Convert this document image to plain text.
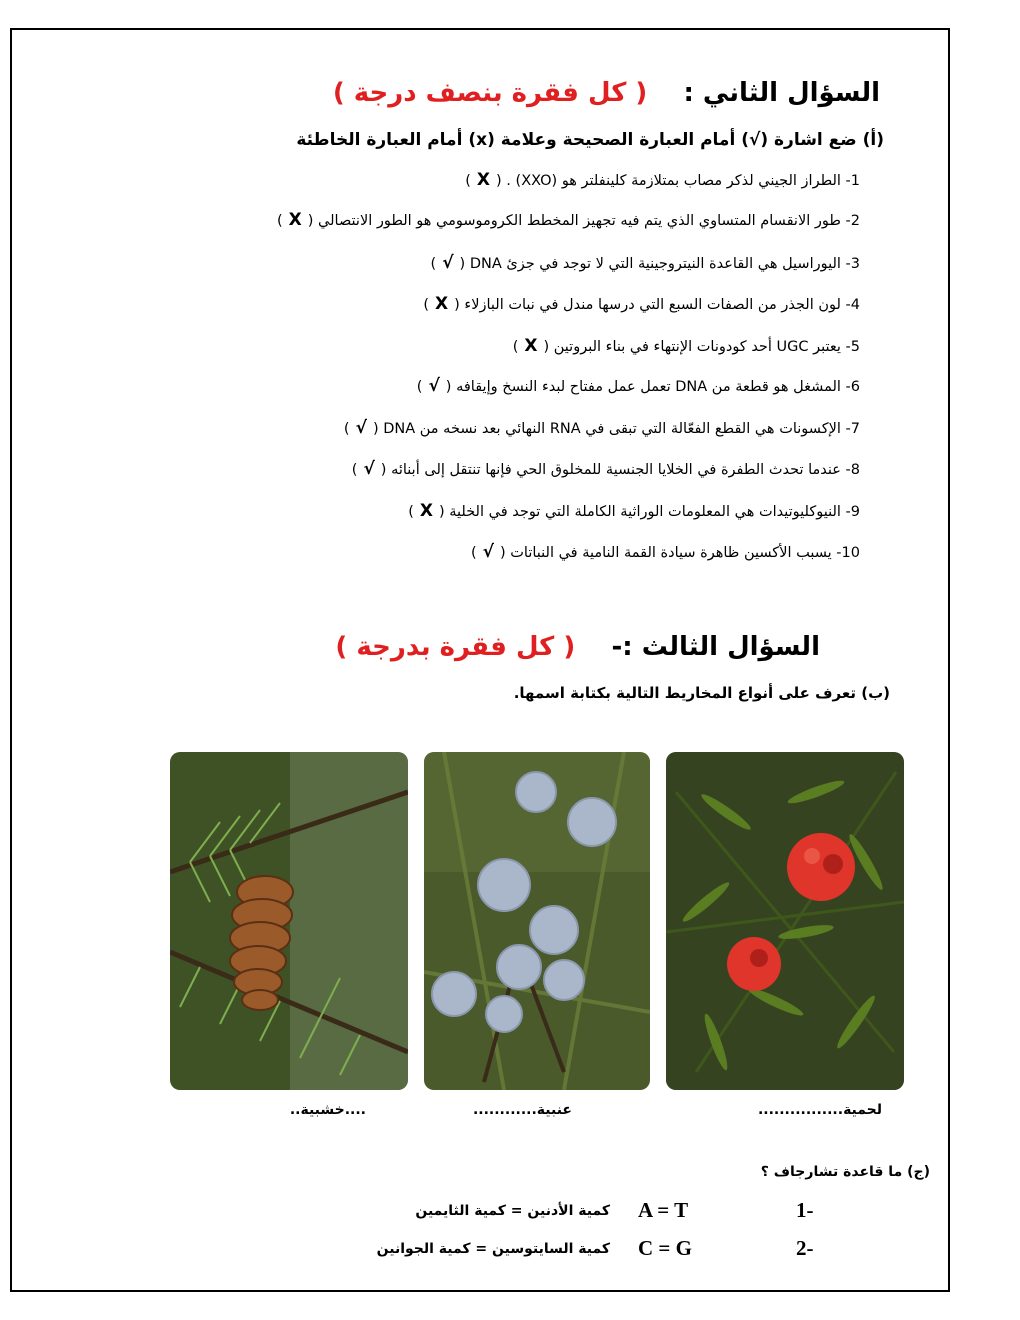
السؤال الثاني :    ( كل فقرة بنصف درجة )
(أ) ضع اشارة (√) أمام العبارة الصحيحة وعلامة (x) أمام العبارة الخاطئة
1- الطراز الجيني لذكر مصاب بمتلازمة كلينفلتر هو (XXO) . (X)
2- طور الانقسام المتساوي الذي يتم فيه تجهيز المخطط الكروموسومي هو الطور الانتصالي (X)
3- اليوراسيل هي القاعدة النيتروجينية التي لا توجد في جزئ DNA (√)
4- لون الجذر من الصفات السبع التي درسها مندل في نبات البازلاء (X)
5- يعتبر UGC أحد كودونات الإنتهاء في بناء البروتين (X)
6- المشغل هو قطعة من DNA تعمل عمل مفتاح لبدء النسخ وإيقافه (√)
7- الإكسونات هي القطع الفعّالة التي تبقى في RNA النهائي بعد نسخه من DNA (√)
8- عندما تحدث الطفرة في الخلايا الجنسية للمخلوق الحي فإنها تنتقل إلى أبنائه (√)
9- النيوكليوتيدات هي المعلومات الوراثية الكاملة التي توجد في الخلية (X)
10- يسبب الأكسين ظاهرة سيادة القمة النامية في النباتات (√)
السؤال الثالث :-    ( كل فقرة بدرجة )
(ب) تعرف على أنواع المخاريط التالية بكتابة اسمها.
لحمية................
عنبية............
....خشبية..
(ج) ما قاعدة تشارجاف ؟
1-
A = T
كمية الأدنين = كمية الثايمين
2-
C = G
كمية السايتوسين = كمية الجوانين
